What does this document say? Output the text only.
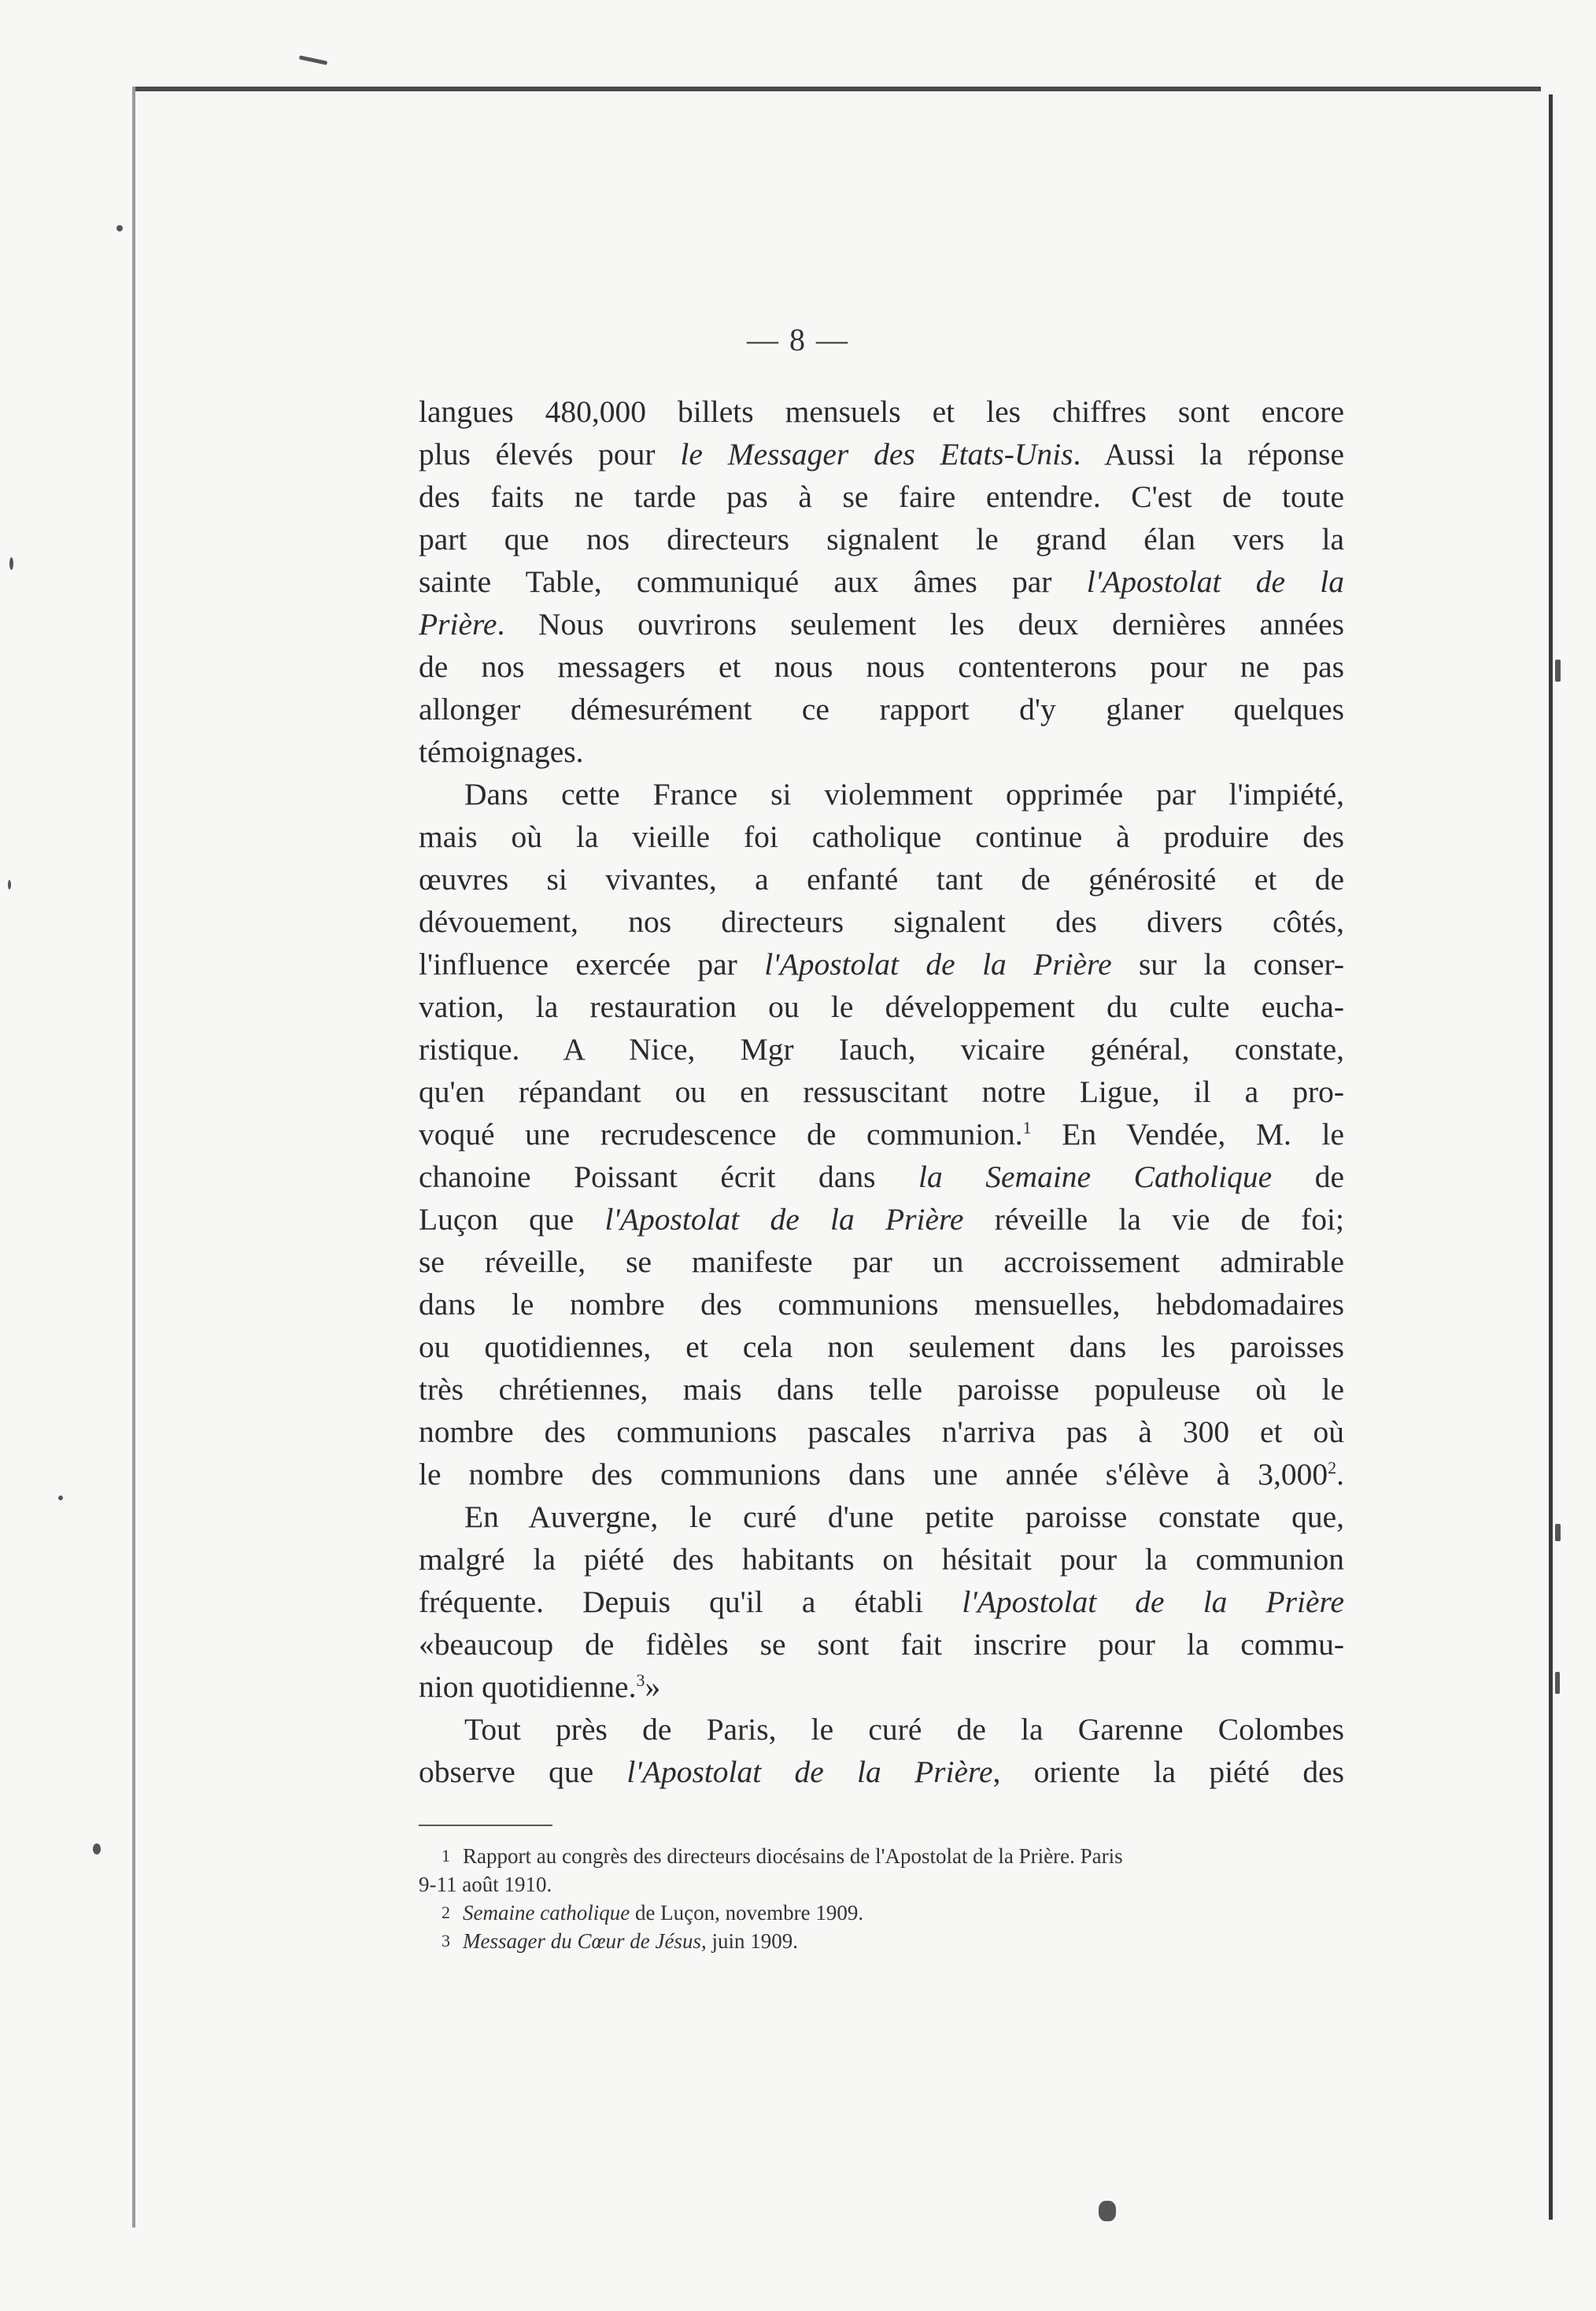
— 8 —
langues 480,000 billets mensuels et les chiffres sont encore
plus élevés pour le Messager des Etats-Unis. Aussi la réponse
des faits ne tarde pas à se faire entendre. C'est de toute
part que nos directeurs signalent le grand élan vers la
sainte Table, communiqué aux âmes par l'Apostolat de la
Prière. Nous ouvrirons seulement les deux dernières années
de nos messagers et nous nous contenterons pour ne pas
allonger démesurément ce rapport d'y glaner quelques
témoignages.
Dans cette France si violemment opprimée par l'impiété,
mais où la vieille foi catholique continue à produire des
œuvres si vivantes, a enfanté tant de générosité et de
dévouement, nos directeurs signalent des divers côtés,
l'influence exercée par l'Apostolat de la Prière sur la conser-
vation, la restauration ou le développement du culte eucha-
ristique. A Nice, Mgr Iauch, vicaire général, constate,
qu'en répandant ou en ressuscitant notre Ligue, il a pro-
voqué une recrudescence de communion.$^1$ En Vendée, M. le
chanoine Poissant écrit dans la Semaine Catholique de
Luçon que l'Apostolat de la Prière réveille la vie de foi;
se réveille, se manifeste par un accroissement admirable
dans le nombre des communions mensuelles, hebdomadaires
ou quotidiennes, et cela non seulement dans les paroisses
très chrétiennes, mais dans telle paroisse populeuse où le
nombre des communions pascales n'arriva pas à 300 et où
le nombre des communions dans une année s'élève à 3,000$^2$.
En Auvergne, le curé d'une petite paroisse constate que,
malgré la piété des habitants on hésitait pour la communion
fréquente. Depuis qu'il a établi l'Apostolat de la Prière
«beaucoup de fidèles se sont fait inscrire pour la commu-
nion quotidienne.$^3$»
Tout près de Paris, le curé de la Garenne Colombes
observe que l'Apostolat de la Prière, oriente la piété des
1 Rapport au congrès des directeurs diocésains de l'Apostolat de la Prière. Paris
9-11 août 1910.
2 Semaine catholique de Luçon, novembre 1909.
3 Messager du Cœur de Jésus, juin 1909.
